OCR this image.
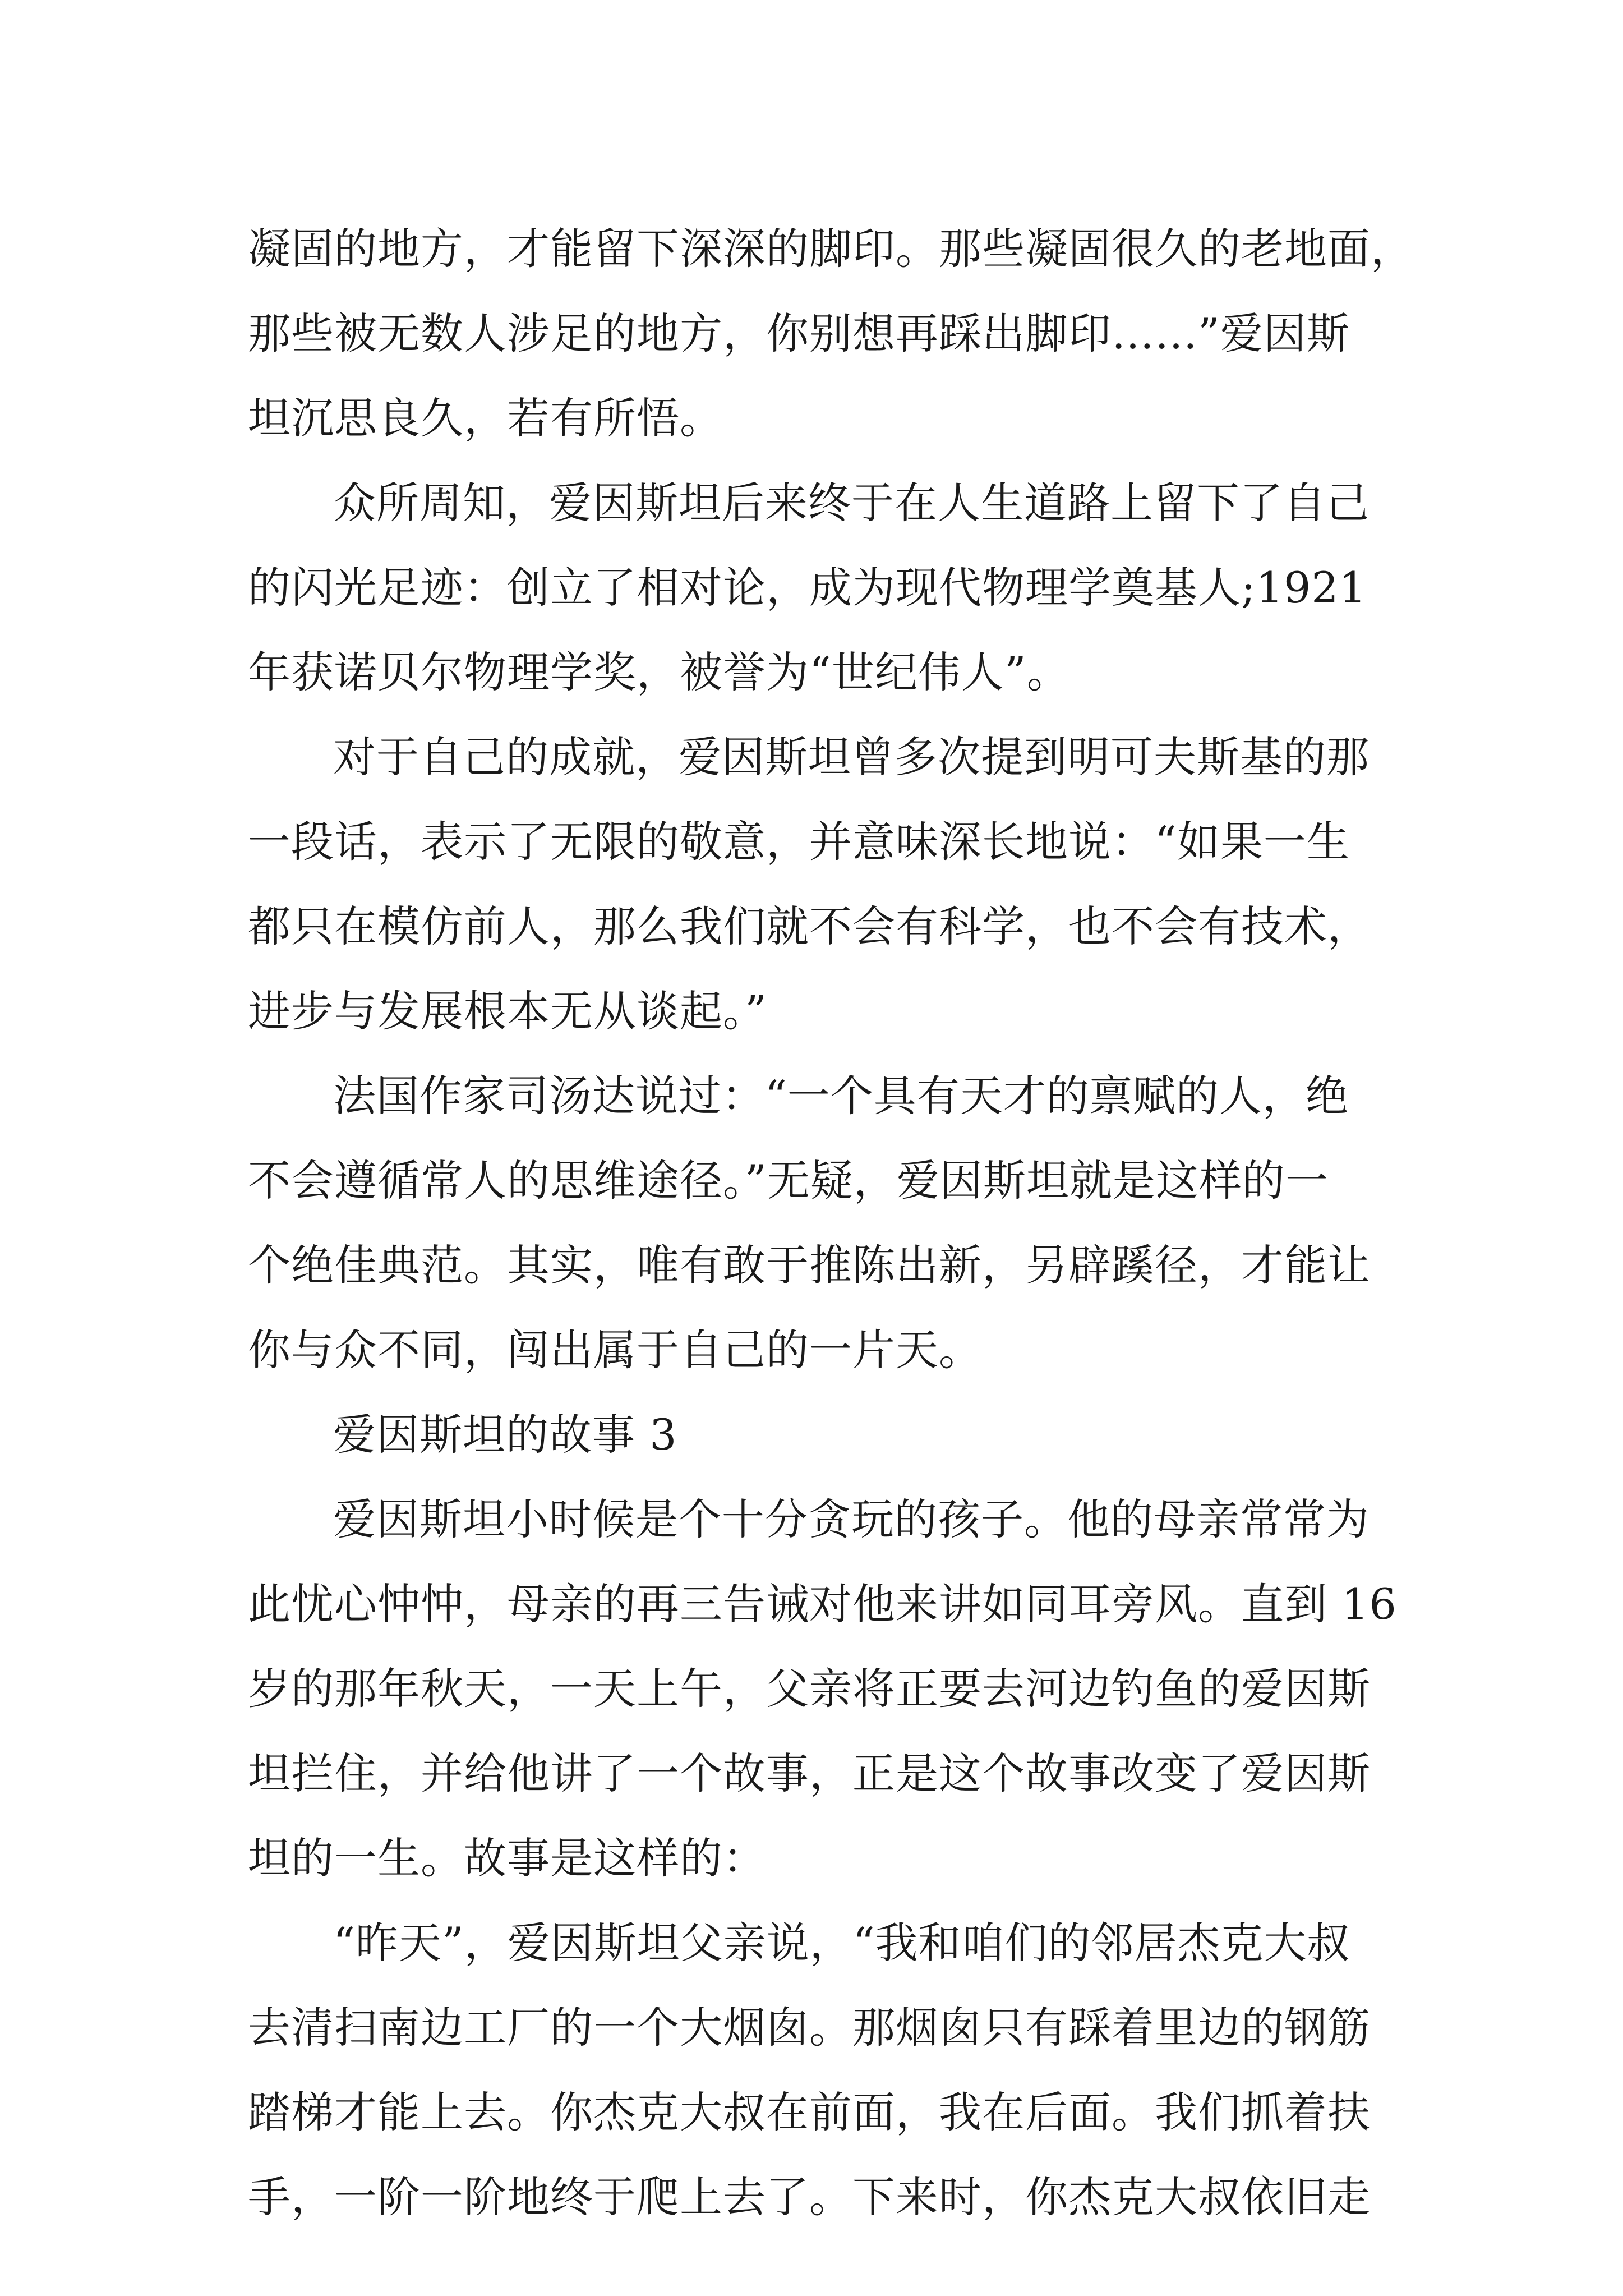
凝固的地方，才能留下深深的脚印。那些凝固很久的老地面，
那些被无数人涉足的地方，你别想再踩出脚印……”爱因斯
坦沉思良久，若有所悟。
众所周知，爱因斯坦后来终于在人生道路上留下了自己
的闪光足迹：创立了相对论，成为现代物理学奠基人;1921
年获诺贝尔物理学奖，被誉为“世纪伟人”。
对于自己的成就，爱因斯坦曾多次提到明可夫斯基的那
一段话，表示了无限的敬意，并意味深长地说：“如果一生
都只在模仿前人，那么我们就不会有科学，也不会有技术，
进步与发展根本无从谈起。”
法国作家司汤达说过：“一个具有天才的禀赋的人，绝
不会遵循常人的思维途径。”无疑，爱因斯坦就是这样的一
个绝佳典范。其实，唯有敢于推陈出新，另辟蹊径，才能让
你与众不同，闯出属于自己的一片天。
爱因斯坦的故事 3
爱因斯坦小时候是个十分贪玩的孩子。他的母亲常常为
此忧心忡忡，母亲的再三告诫对他来讲如同耳旁风。直到 16
岁的那年秋天，一天上午，父亲将正要去河边钓鱼的爱因斯
坦拦住，并给他讲了一个故事，正是这个故事改变了爱因斯
坦的一生。故事是这样的：
“昨天”，爱因斯坦父亲说，“我和咱们的邻居杰克大叔
去清扫南边工厂的一个大烟囱。那烟囱只有踩着里边的钢筋
踏梯才能上去。你杰克大叔在前面，我在后面。我们抓着扶
手，一阶一阶地终于爬上去了。下来时，你杰克大叔依旧走
